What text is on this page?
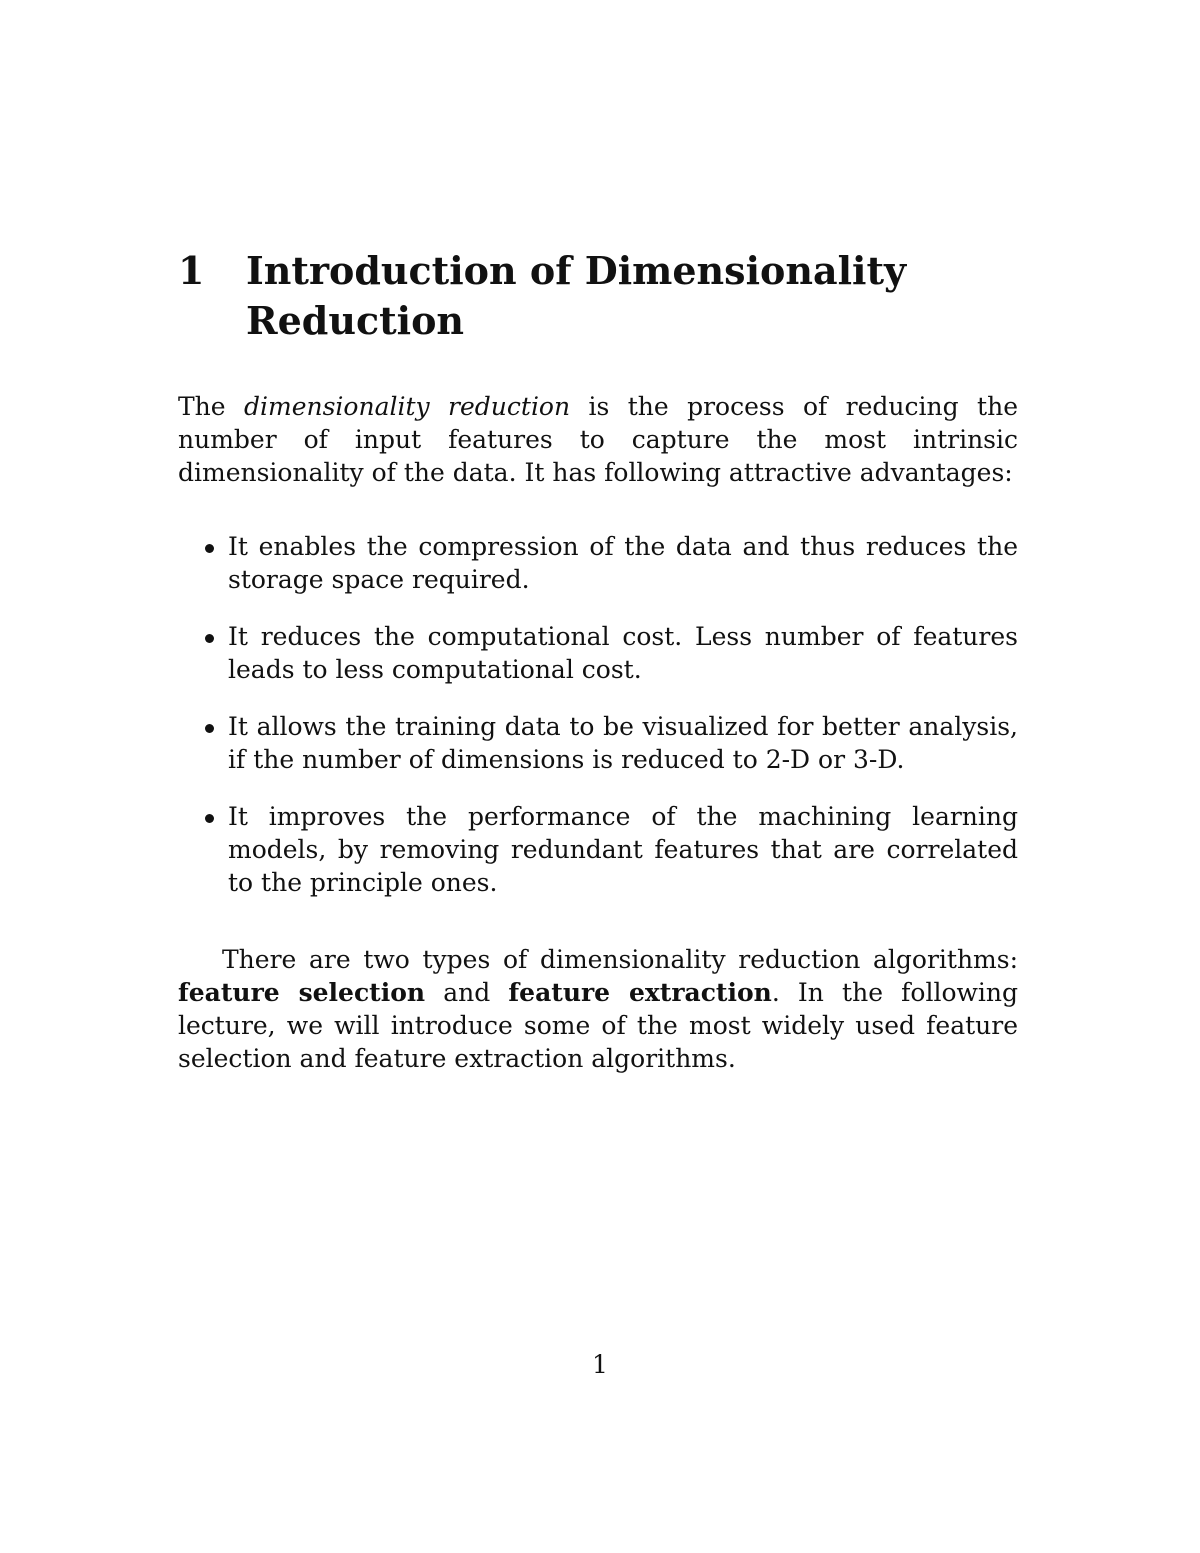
1 Introduction of Dimensionality Reduction

The dimensionality reduction is the process of reducing the number of input features to capture the most intrinsic dimensionality of the data. It has following attractive advantages:

It enables the compression of the data and thus reduces the storage space required.
It reduces the computational cost. Less number of features leads to less computational cost.
It allows the training data to be visualized for better analysis, if the number of dimensions is reduced to 2-D or 3-D.
It improves the performance of the machining learning models, by removing redundant features that are correlated to the principle ones.

There are two types of dimensionality reduction algorithms: feature selection and feature extraction. In the following lecture, we will introduce some of the most widely used feature selection and feature extraction algorithms.

1
